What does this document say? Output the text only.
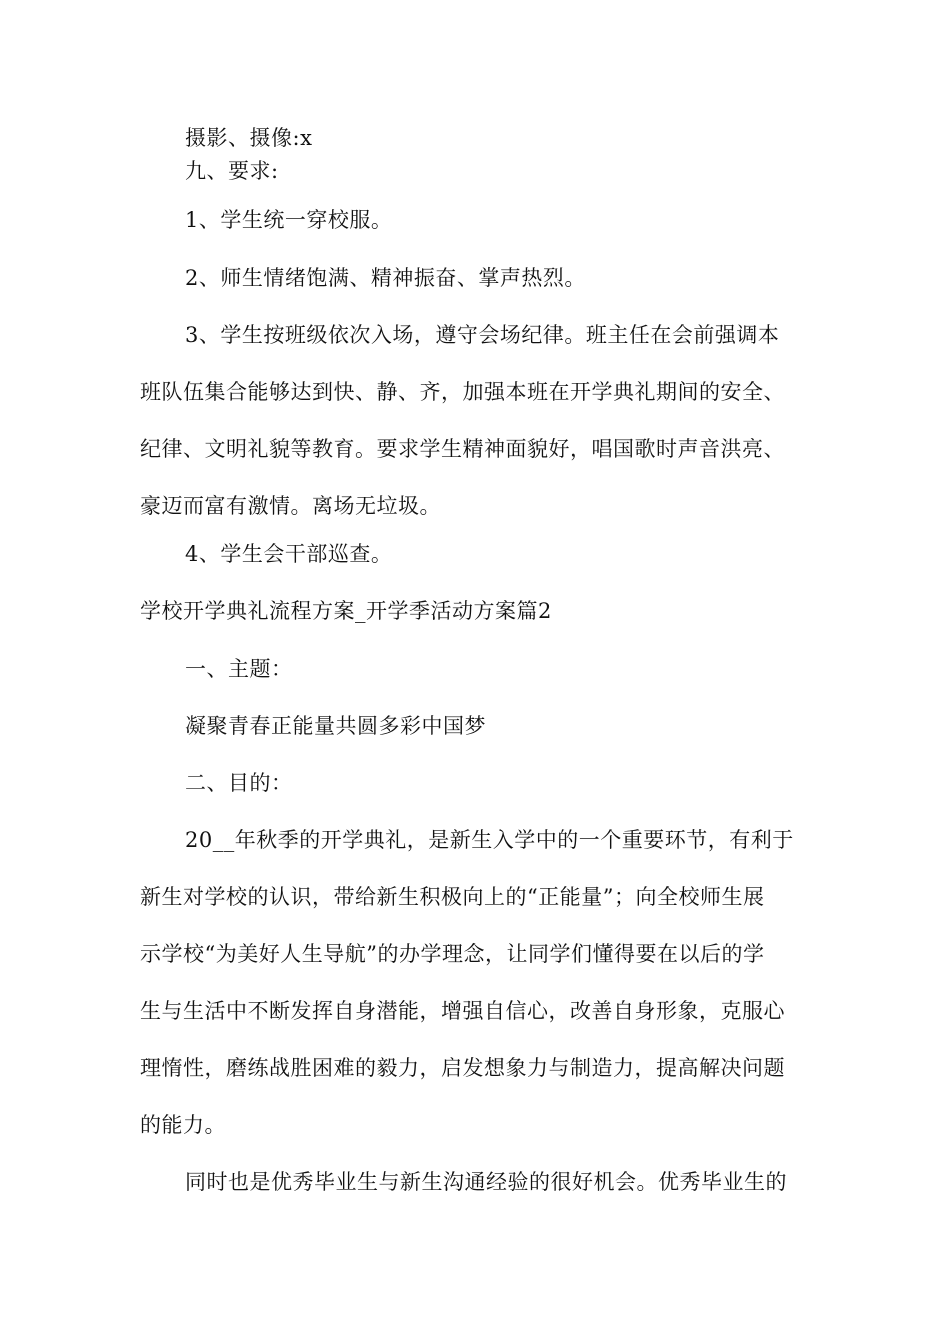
摄影、摄像:x
九、要求:
1、学生统一穿校服。
2、师生情绪饱满、精神振奋、掌声热烈。
3、学生按班级依次入场，遵守会场纪律。班主任在会前强调本
班队伍集合能够达到快、静、齐，加强本班在开学典礼期间的安全、
纪律、文明礼貌等教育。要求学生精神面貌好，唱国歌时声音洪亮、
豪迈而富有激情。离场无垃圾。
4、学生会干部巡查。
学校开学典礼流程方案_开学季活动方案篇2
一、主题：
凝聚青春正能量共圆多彩中国梦
二、目的：
20__年秋季的开学典礼，是新生入学中的一个重要环节，有利于
新生对学校的认识，带给新生积极向上的“正能量”；向全校师生展
示学校“为美好人生导航”的办学理念，让同学们懂得要在以后的学
生与生活中不断发挥自身潜能，增强自信心，改善自身形象，克服心
理惰性，磨练战胜困难的毅力，启发想象力与制造力，提高解决问题
的能力。
同时也是优秀毕业生与新生沟通经验的很好机会。优秀毕业生的
